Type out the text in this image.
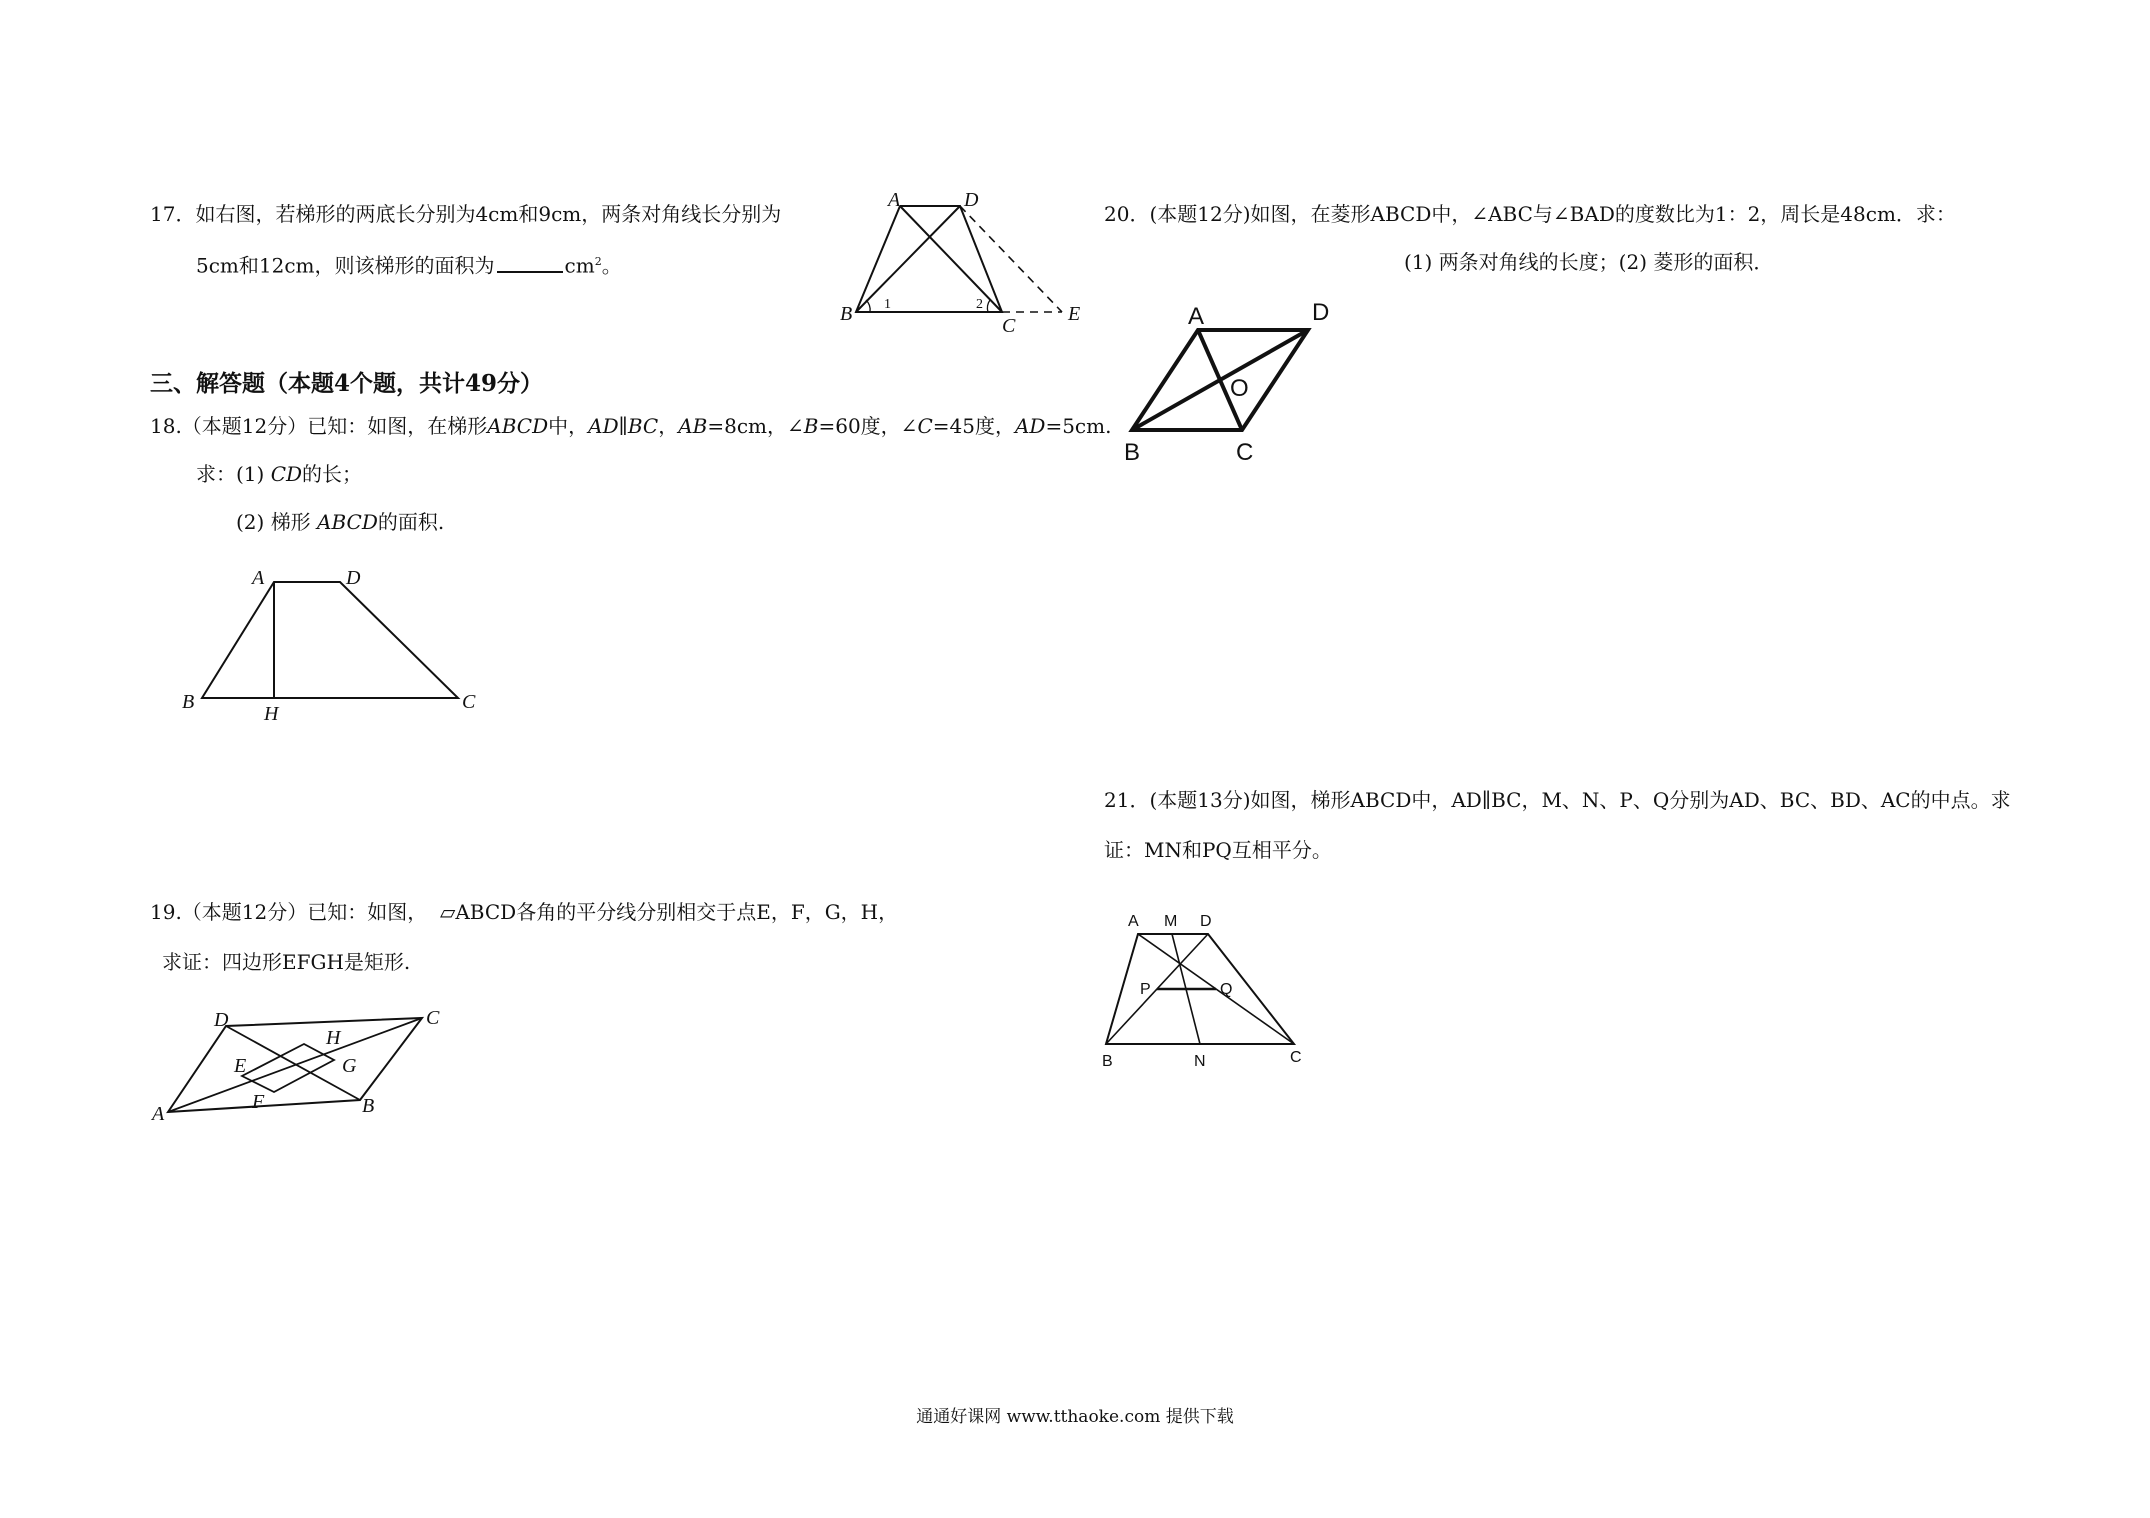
17．如右图，若梯形的两底长分别为4cm和9cm，两条对角线长分别为
5cm和12cm，则该梯形的面积为	$cm^2$。
A	D
B
C
E
1	2
三、解答题（本题4个题，共计49分）
18.（本题12分）已知：如图，在梯形ABCD中，AD∥BC，AB=8cm，∠B=60度，∠C=45度，AD=5cm.
求：(1) CD的长；
(2) 梯形 ABCD的面积.
A	D
B
H
C
19.（本题12分）已知：如图， ▱ABCD各角的平分线分别相交于点E，F，G，H，
求证：四边形EFGH是矩形.
A	B
C
D
E
F
G
H
20．(本题12分)如图，在菱形ABCD中，∠ABC与∠BAD的度数比为1：2，周长是48cm．求：
(1) 两条对角线的长度；(2) 菱形的面积．
A	D
B	C
O
21．(本题13分)如图，梯形ABCD中，AD∥BC，M、N、P、Q分别为AD、BC、BD、AC的中点。求
证：MN和PQ互相平分。
A M D
P	Q
B	N	C
通通好课网 www.tthaoke.com 提供下载
